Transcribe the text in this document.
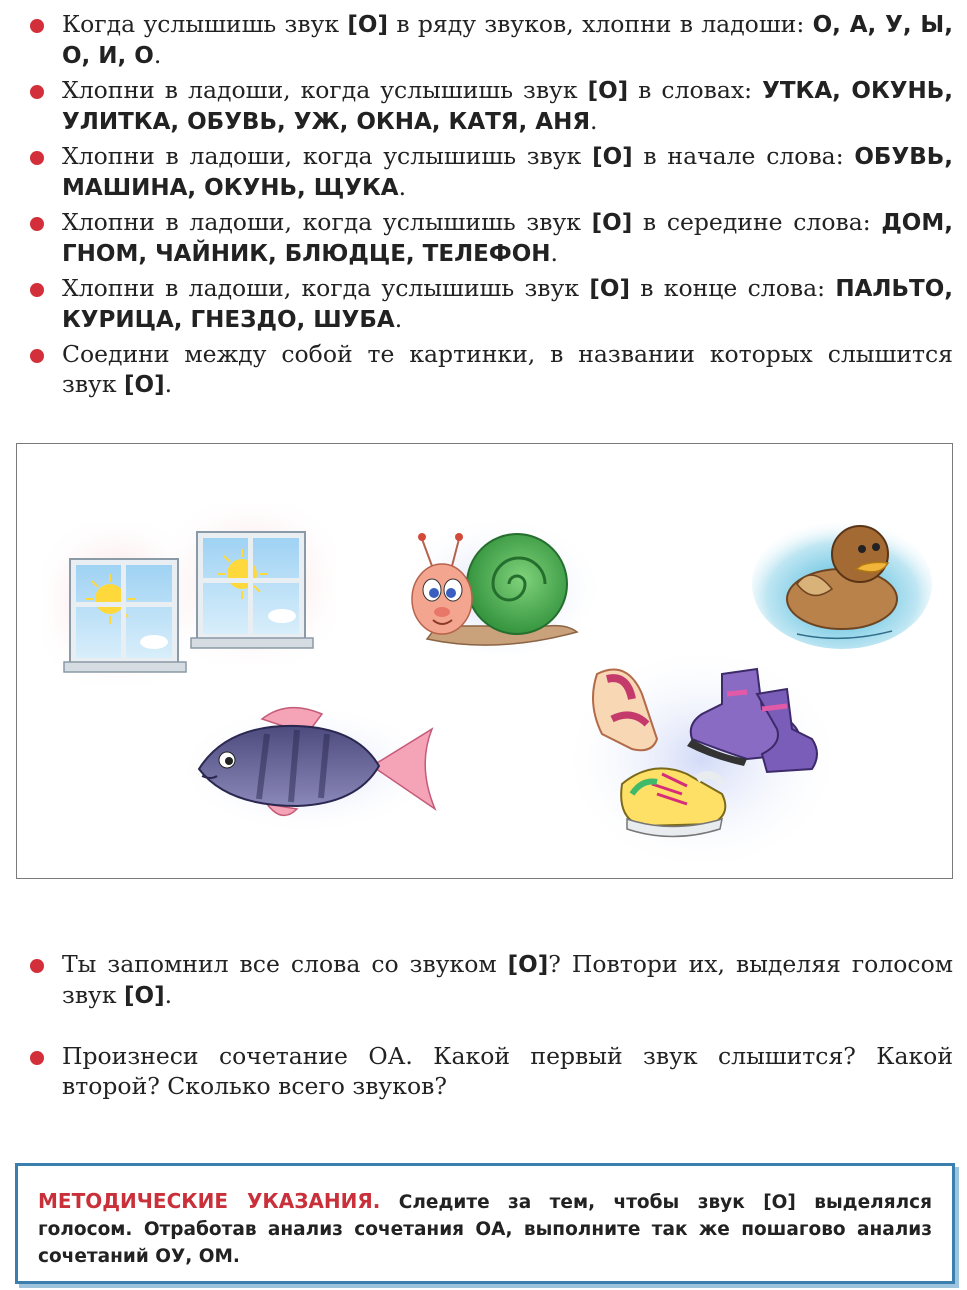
Когда услышишь звук [О] в ряду звуков, хлопни в ладоши: О, А, У, Ы, О, И, О.
Хлопни в ладоши, когда услышишь звук [О] в словах: УТКА, ОКУНЬ, УЛИТКА, ОБУВЬ, УЖ, ОКНА, КАТЯ, АНЯ.
Хлопни в ладоши, когда услышишь звук [О] в начале слова: ОБУВЬ, МАШИНА, ОКУНЬ, ЩУКА.
Хлопни в ладоши, когда услышишь звук [О] в середине слова: ДОМ, ГНОМ, ЧАЙНИК, БЛЮДЦЕ, ТЕЛЕФОН.
Хлопни в ладоши, когда услышишь звук [О] в конце слова: ПАЛЬТО, КУРИЦА, ГНЕЗДО, ШУБА.
Соедини между собой те картинки, в названии которых слышится звук [О].
Ты запомнил все слова со звуком [О]? Повтори их, выделяя голосом звук [О].
Произнеси сочетание ОА. Какой первый звук слышится? Какой второй? Сколько всего звуков?
МЕТОДИЧЕСКИЕ УКАЗАНИЯ. Следите за тем, чтобы звук [О] выделялся голосом. Отработав анализ сочетания ОА, выполните так же пошагово анализ сочетаний ОУ, ОМ.
